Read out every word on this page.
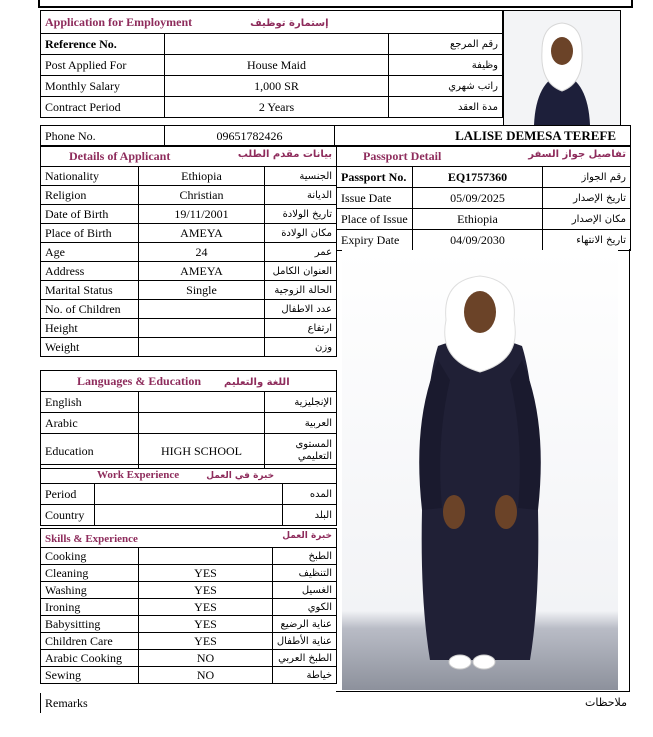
Application for Employment إستمارة توظيف		
Reference No.		رقم المرجع
Post Applied For	House Maid	وظيفة
Monthly Salary	1,000 SR	راتب شهري
Contract Period	2 Years	مدة العقد
Phone No.	09651782426	LALISE DEMESA TEREFE
Details of Applicant بيانات مقدم الطلب		

Nationality	Ethiopia	الجنسية
Religion	Christian	الديانة
Date of Birth	19/11/2001	تاريخ الولادة
Place of Birth	AMEYA	مكان الولادة
Age	24	عمر
Address	AMEYA	العنوان الكامل
Marital Status	Single	الحالة الزوجية
No. of Children		عدد الاطفال
Height		ارتفاع
Weight		وزن
Passport Detail تفاصيل جواز السفر		

Passport No.	EQ1757360	رقم الجواز
Issue Date	05/09/2025	تاريخ الإصدار
Place of Issue	Ethiopia	مكان الإصدار
Expiry Date	04/09/2030	تاريخ الانتهاء
Languages & Education اللغة والتعليم		
English		الإنجليزية
Arabic		العربية
Education	HIGH SCHOOL	المستوى التعليمي
Work Experience خبرة في العمل		
Period		المده
Country		البلد
Skills & Experience خبرة العمل		

Cooking		الطبخ
Cleaning	YES	التنظيف
Washing	YES	الغسيل
Ironing	YES	الكوي
Babysitting	YES	عناية الرضيع
Children Care	YES	عناية الأطفال
Arabic Cooking	NO	الطبخ العربي
Sewing	NO	خياطة
Remarks	ملاحظات
